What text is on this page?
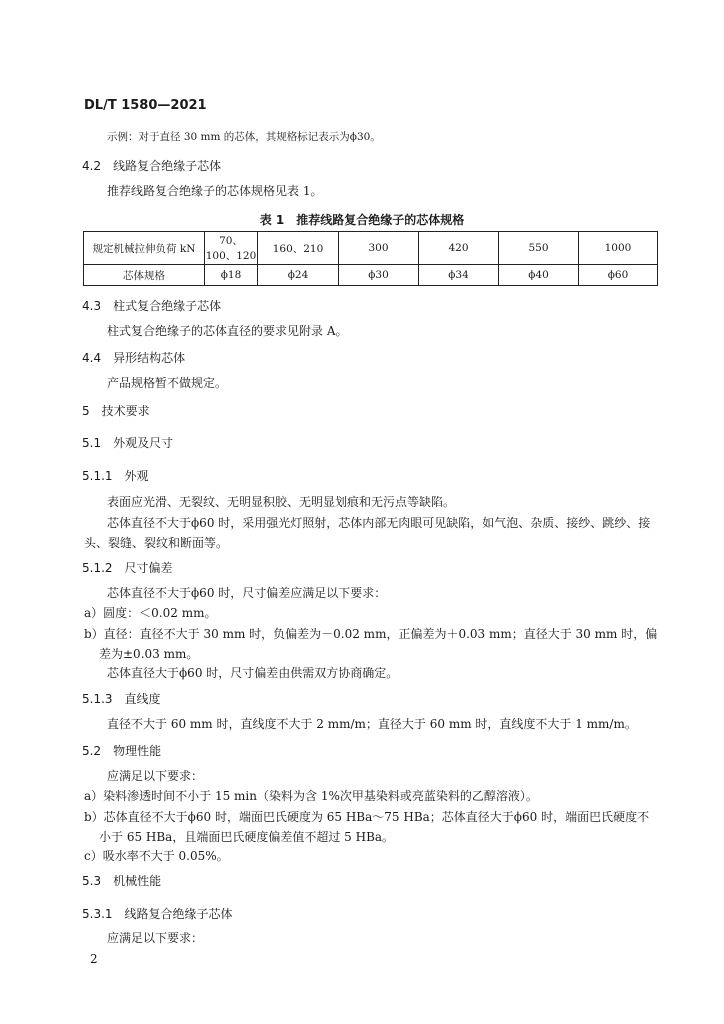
DL/T 1580—2021
示例：对于直径 30 mm 的芯体，其规格标记表示为ϕ30。
4.2　线路复合绝缘子芯体
推荐线路复合绝缘子的芯体规格见表 1。
表 1　推荐线路复合绝缘子的芯体规格
规定机械拉伸负荷 kN	70、100、120	160、210	300	420	550	1000
芯体规格	ϕ18	ϕ24	ϕ30	ϕ34	ϕ40	ϕ60
4.3　柱式复合绝缘子芯体
柱式复合绝缘子的芯体直径的要求见附录 A。
4.4　异形结构芯体
产品规格暂不做规定。
5　技术要求
5.1　外观及尺寸
5.1.1　外观
表面应光滑、无裂纹、无明显积胶、无明显划痕和无污点等缺陷。
芯体直径不大于ϕ60 时，采用强光灯照射，芯体内部无肉眼可见缺陷，如气泡、杂质、接纱、跳纱、接头、裂缝、裂纹和断面等。
5.1.2　尺寸偏差
芯体直径不大于ϕ60 时，尺寸偏差应满足以下要求：
a）圆度：＜0.02 mm。
b）直径：直径不大于 30 mm 时，负偏差为－0.02 mm，正偏差为＋0.03 mm；直径大于 30 mm 时，偏差为±0.03 mm。
芯体直径大于ϕ60 时，尺寸偏差由供需双方协商确定。
5.1.3　直线度
直径不大于 60 mm 时，直线度不大于 2 mm/m；直径大于 60 mm 时，直线度不大于 1 mm/m。
5.2　物理性能
应满足以下要求：
a）染料渗透时间不小于 15 min（染料为含 1%次甲基染料或亮蓝染料的乙醇溶液）。
b）芯体直径不大于ϕ60 时，端面巴氏硬度为 65 HBa～75 HBa；芯体直径大于ϕ60 时，端面巴氏硬度不小于 65 HBa，且端面巴氏硬度偏差值不超过 5 HBa。
c）吸水率不大于 0.05%。
5.3　机械性能
5.3.1　线路复合绝缘子芯体
应满足以下要求：
2
